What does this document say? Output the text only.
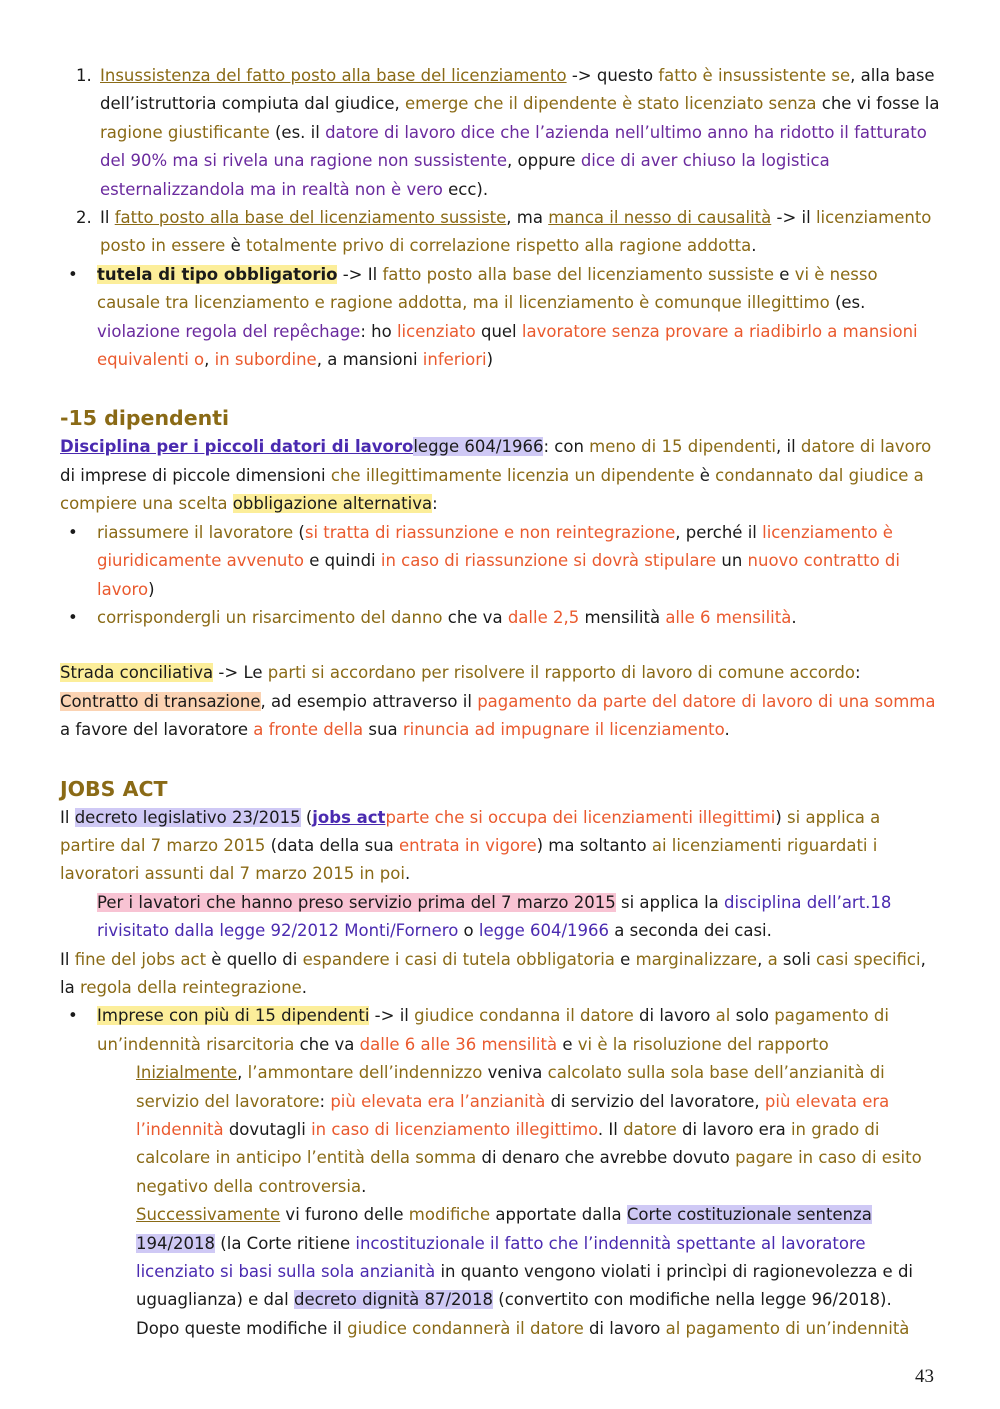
1. Insussistenza del fatto posto alla base del licenziamento -> questo fatto è insussistente se, alla base dell’istruttoria compiuta dal giudice, emerge che il dipendente è stato licenziato senza che vi fosse la ragione giustificante (es. il datore di lavoro dice che l’azienda nell’ultimo anno ha ridotto il fatturato del 90% ma si rivela una ragione non sussistente, oppure dice di aver chiuso la logistica esternalizzandola ma in realtà non è vero ecc).

2. Il fatto posto alla base del licenziamento sussiste, ma manca il nesso di causalità -> il licenziamento posto in essere è totalmente privo di correlazione rispetto alla ragione addotta.

• tutela di tipo obbligatorio -> Il fatto posto alla base del licenziamento sussiste e vi è nesso causale tra licenziamento e ragione addotta, ma il licenziamento è comunque illegittimo (es. violazione regola del repêchage: ho licenziato quel lavoratore senza provare a riadibirlo a mansioni equivalenti o, in subordine, a mansioni inferiori)

-15 dipendenti

Disciplina per i piccoli datori di lavorolegge 604/1966: con meno di 15 dipendenti, il datore di lavoro di imprese di piccole dimensioni che illegittimamente licenzia un dipendente è condannato dal giudice a compiere una scelta obbligazione alternativa:

• riassumere il lavoratore (si tratta di riassunzione e non reintegrazione, perché il licenziamento è giuridicamente avvenuto e quindi in caso di riassunzione si dovrà stipulare un nuovo contratto di lavoro)

• corrispondergli un risarcimento del danno che va dalle 2,5 mensilità alle 6 mensilità.

Strada conciliativa -> Le parti si accordano per risolvere il rapporto di lavoro di comune accordo:

Contratto di transazione, ad esempio attraverso il pagamento da parte del datore di lavoro di una somma a favore del lavoratore a fronte della sua rinuncia ad impugnare il licenziamento.

JOBS ACT

Il decreto legislativo 23/2015 (jobs actparte che si occupa dei licenziamenti illegittimi) si applica a partire dal 7 marzo 2015 (data della sua entrata in vigore) ma soltanto ai licenziamenti riguardati i lavoratori assunti dal 7 marzo 2015 in poi.

Per i lavatori che hanno preso servizio prima del 7 marzo 2015 si applica la disciplina dell’art.18 rivisitato dalla legge 92/2012 Monti/Fornero o legge 604/1966 a seconda dei casi.

Il fine del jobs act è quello di espandere i casi di tutela obbligatoria e marginalizzare, a soli casi specifici, la regola della reintegrazione.

• Imprese con più di 15 dipendenti -> il giudice condanna il datore di lavoro al solo pagamento di un’indennità risarcitoria che va dalle 6 alle 36 mensilità e vi è la risoluzione del rapporto

Inizialmente, l’ammontare dell’indennizzo veniva calcolato sulla sola base dell’anzianità di servizio del lavoratore: più elevata era l’anzianità di servizio del lavoratore, più elevata era l’indennità dovutagli in caso di licenziamento illegittimo. Il datore di lavoro era in grado di calcolare in anticipo l’entità della somma di denaro che avrebbe dovuto pagare in caso di esito negativo della controversia.

Successivamente vi furono delle modifiche apportate dalla Corte costituzionale sentenza 194/2018 (la Corte ritiene incostituzionale il fatto che l’indennità spettante al lavoratore licenziato si basi sulla sola anzianità in quanto vengono violati i princìpi di ragionevolezza e di uguaglianza) e dal decreto dignità 87/2018 (convertito con modifiche nella legge 96/2018).

Dopo queste modifiche il giudice condannerà il datore di lavoro al pagamento di un’indennità

43
